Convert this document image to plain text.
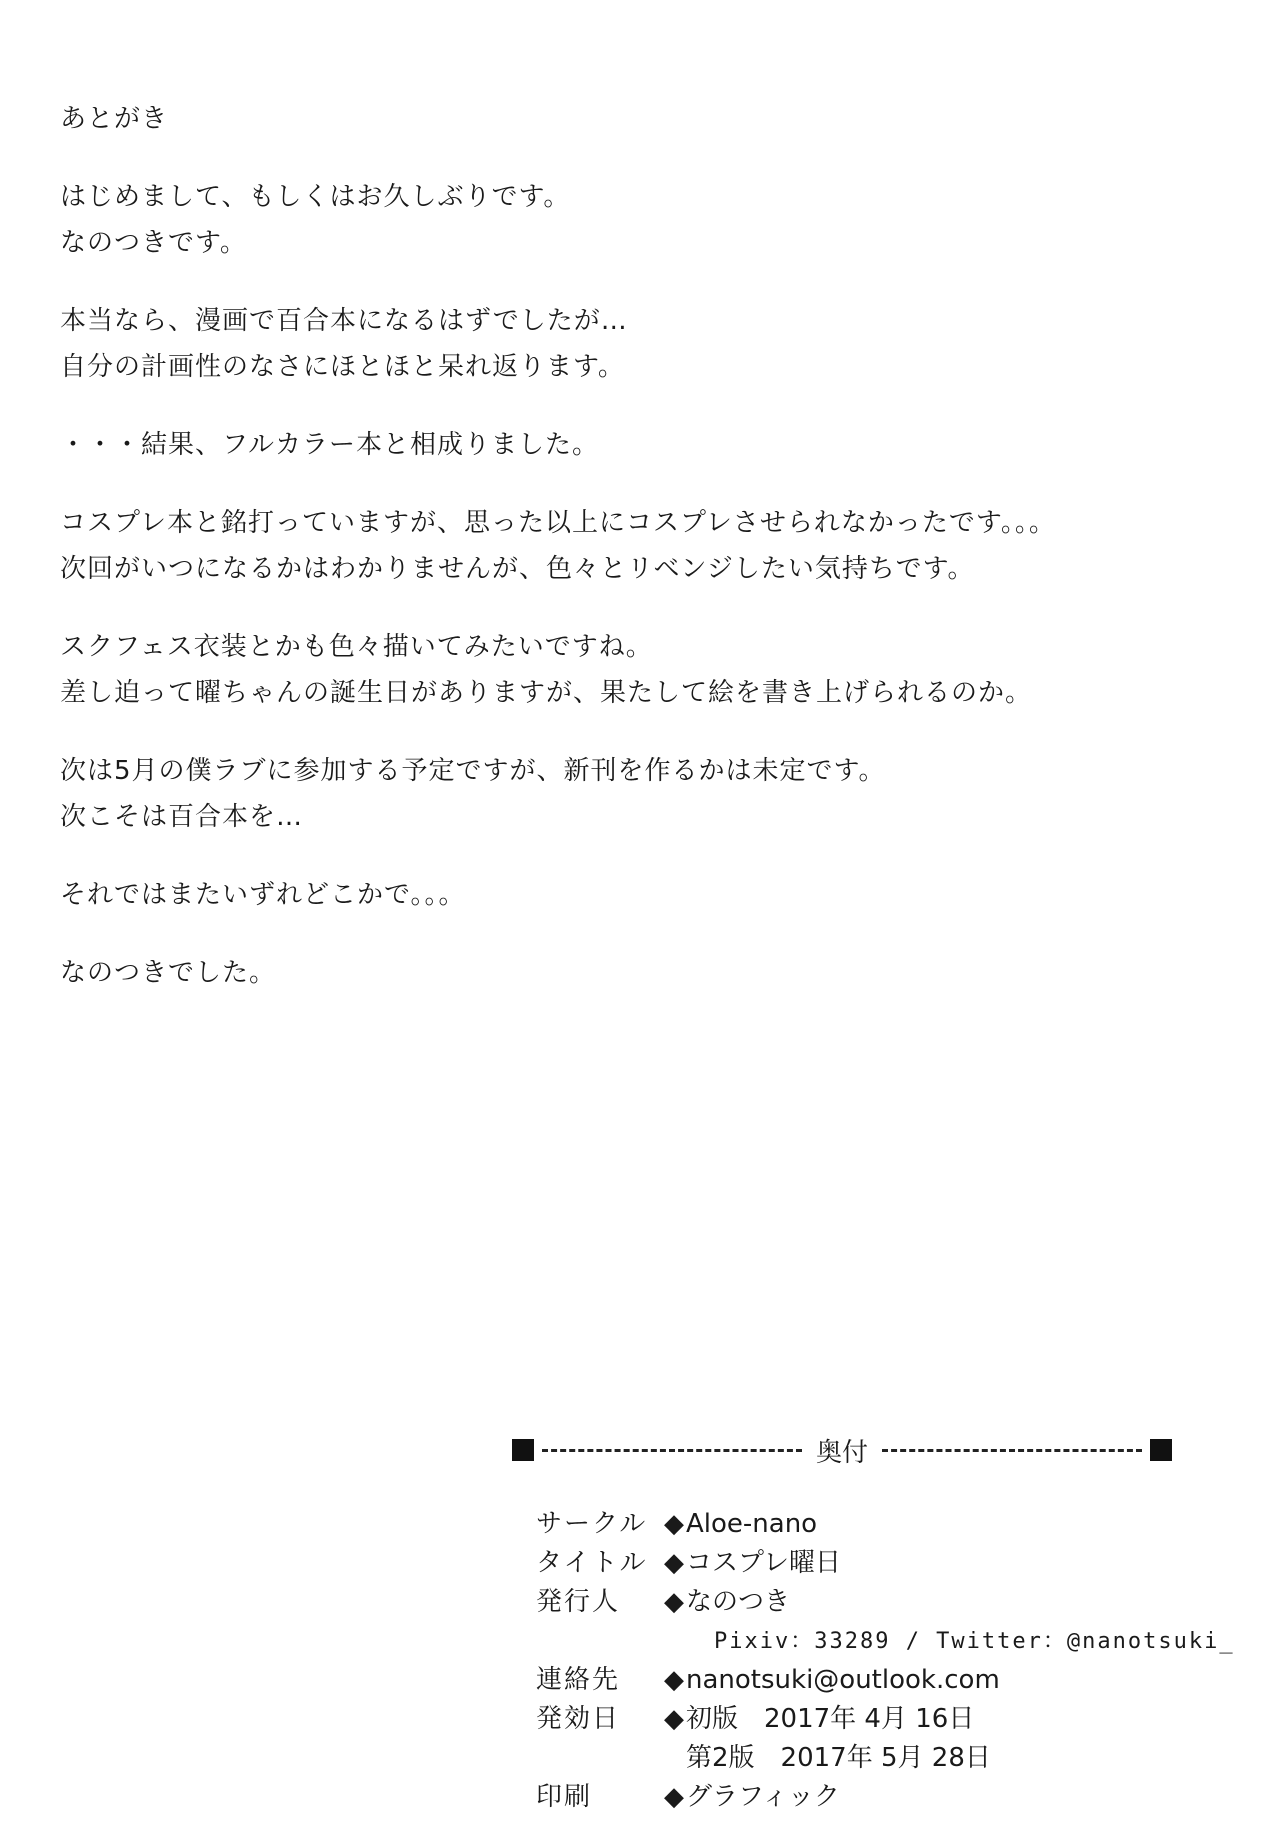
あとがき
はじめまして、もしくはお久しぶりです。
なのつきです。
本当なら、漫画で百合本になるはずでしたが…
自分の計画性のなさにほとほと呆れ返ります。
・・・結果、フルカラー本と相成りました。
コスプレ本と銘打っていますが、思った以上にコスプレさせられなかったです。。。
次回がいつになるかはわかりませんが、色々とリベンジしたい気持ちです。
スクフェス衣装とかも色々描いてみたいですね。
差し迫って曜ちゃんの誕生日がありますが、果たして絵を書き上げられるのか。
次は5月の僕ラブに参加する予定ですが、新刊を作るかは未定です。
次こそは百合本を…
それではまたいずれどこかで。。。
なのつきでした。
奥付
サークル ◆Aloe-nano
タイトル ◆コスプレ曜日
発行人	◆なのつき
Pixiv：33289 / Twitter：@nanotsuki_
連絡先	◆nanotsuki@outlook.com
発効日	◆初版　2017年 4月 16日
第2版　2017年 5月 28日
印刷	◆グラフィック
